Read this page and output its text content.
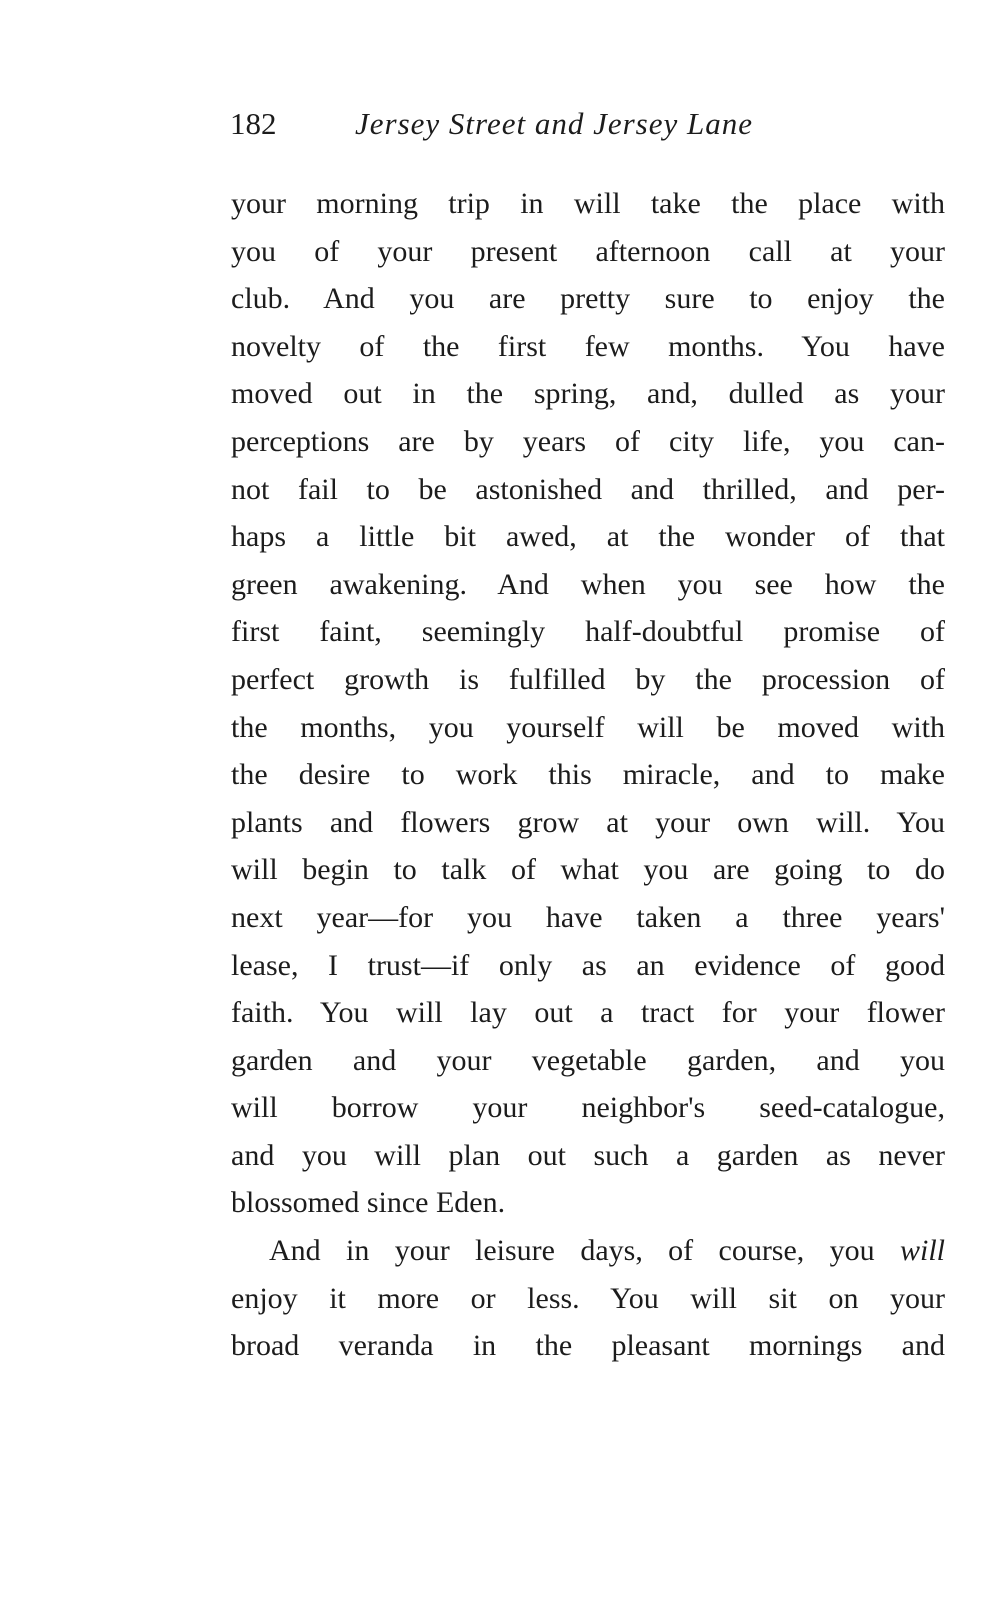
182	Jersey Street and Jersey Lane
your morning trip in will take the place with
you of your present afternoon call at your
club. And you are pretty sure to enjoy the
novelty of the first few months. You have
moved out in the spring, and, dulled as your
perceptions are by years of city life, you can-
not fail to be astonished and thrilled, and per-
haps a little bit awed, at the wonder of that
green awakening. And when you see how the
first faint, seemingly half-doubtful promise of
perfect growth is fulfilled by the procession of
the months, you yourself will be moved with
the desire to work this miracle, and to make
plants and flowers grow at your own will. You
will begin to talk of what you are going to do
next year—for you have taken a three years'
lease, I trust—if only as an evidence of good
faith. You will lay out a tract for your flower
garden and your vegetable garden, and you
will borrow your neighbor's seed-catalogue,
and you will plan out such a garden as never
blossomed since Eden.
And in your leisure days, of course, you will
enjoy it more or less. You will sit on your
broad veranda in the pleasant mornings and
